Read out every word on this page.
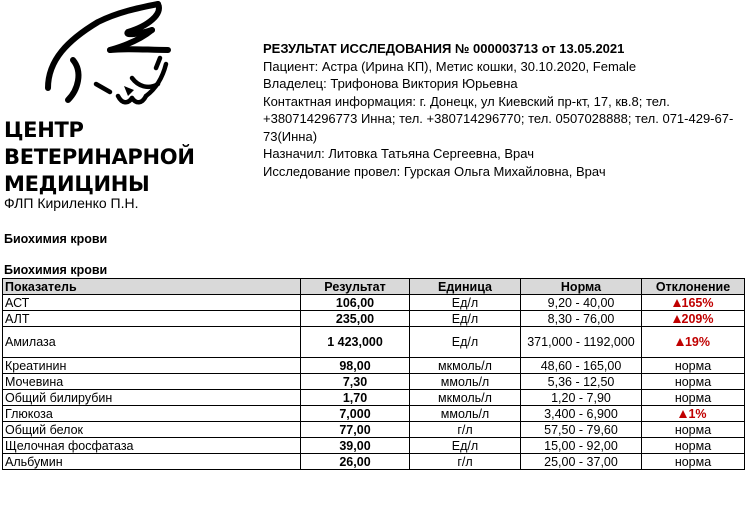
ЦЕНТР
ВЕТЕРИНАРНОЙ
МЕДИЦИНЫ
ФЛП Кириленко П.Н.
РЕЗУЛЬТАТ ИССЛЕДОВАНИЯ № 000003713 от 13.05.2021
Пациент: Астра (Ирина КП), Метис кошки, 30.10.2020, Female
Владелец: Трифонова Виктория Юрьевна
Контактная информация: г. Донецк, ул Киевский пр-кт, 17, кв.8; тел. +380714296773 Инна; тел. +380714296770; тел. 0507028888; тел. 071-429-67-73(Инна)
Назначил: Литовка Татьяна Сергеевна, Врач
Исследование провел: Гурская Ольга Михайловна, Врач
Биохимия крови
Биохимия крови
Показатель	Результат	Единица	Норма	Отклонение
АСТ	106,00	Ед/л	9,20 - 40,00	165%
АЛТ	235,00	Ед/л	8,30 - 76,00	209%
Амилаза	1 423,000	Ед/л	371,000 - 1192,000	19%
Креатинин	98,00	мкмоль/л	48,60 - 165,00	норма
Мочевина	7,30	ммоль/л	5,36 - 12,50	норма
Общий билирубин	1,70	мкмоль/л	1,20 - 7,90	норма
Глюкоза	7,000	ммоль/л	3,400 - 6,900	1%
Общий белок	77,00	г/л	57,50 - 79,60	норма
Щелочная фосфатаза	39,00	Ед/л	15,00 - 92,00	норма
Альбумин	26,00	г/л	25,00 - 37,00	норма
